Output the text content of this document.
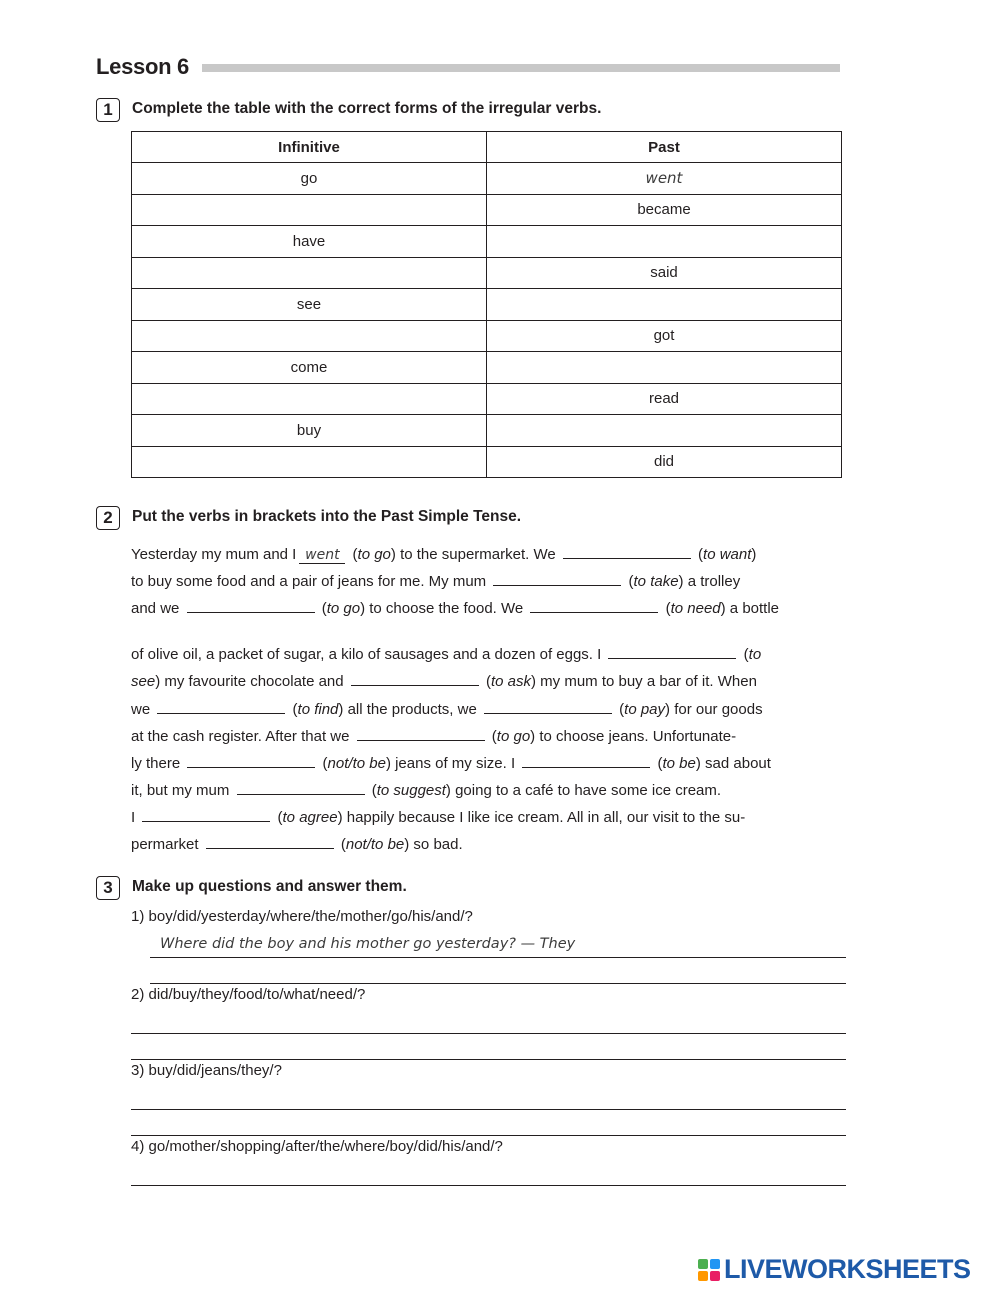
Lesson 6
1	Complete the table with the correct forms of the irregular verbs.
Infinitive	Past
go	went
	became
have	
	said
see	
	got
come	
	read
buy	
	did
2	Put the verbs in brackets into the Past Simple Tense.
Yesterday my mum and I went (to go) to the supermarket. We	(to want)
to buy some food and a pair of jeans for me. My mum	(to take) a trolley
and we	(to go) to choose the food. We	(to need) a bottle
of olive oil, a packet of sugar, a kilo of sausages and a dozen of eggs. I	(to
see) my favourite chocolate and	(to ask) my mum to buy a bar of it. When
we	(to find) all the products, we	(to pay) for our goods
at the cash register. After that we	(to go) to choose jeans. Unfortunate-
ly there	(not/to be) jeans of my size. I	(to be) sad about
it, but my mum	(to suggest) going to a café to have some ice cream.
I	(to agree) happily because I like ice cream. All in all, our visit to the su-
permarket	(not/to be) so bad.
3	Make up questions and answer them.
1) boy/did/yesterday/where/the/mother/go/his/and/?
Where did the boy and his mother go yesterday? — They
2) did/buy/they/food/to/what/need/?
3) buy/did/jeans/they/?
4) go/mother/shopping/after/the/where/boy/did/his/and/?
LIVEWORKSHEETS
